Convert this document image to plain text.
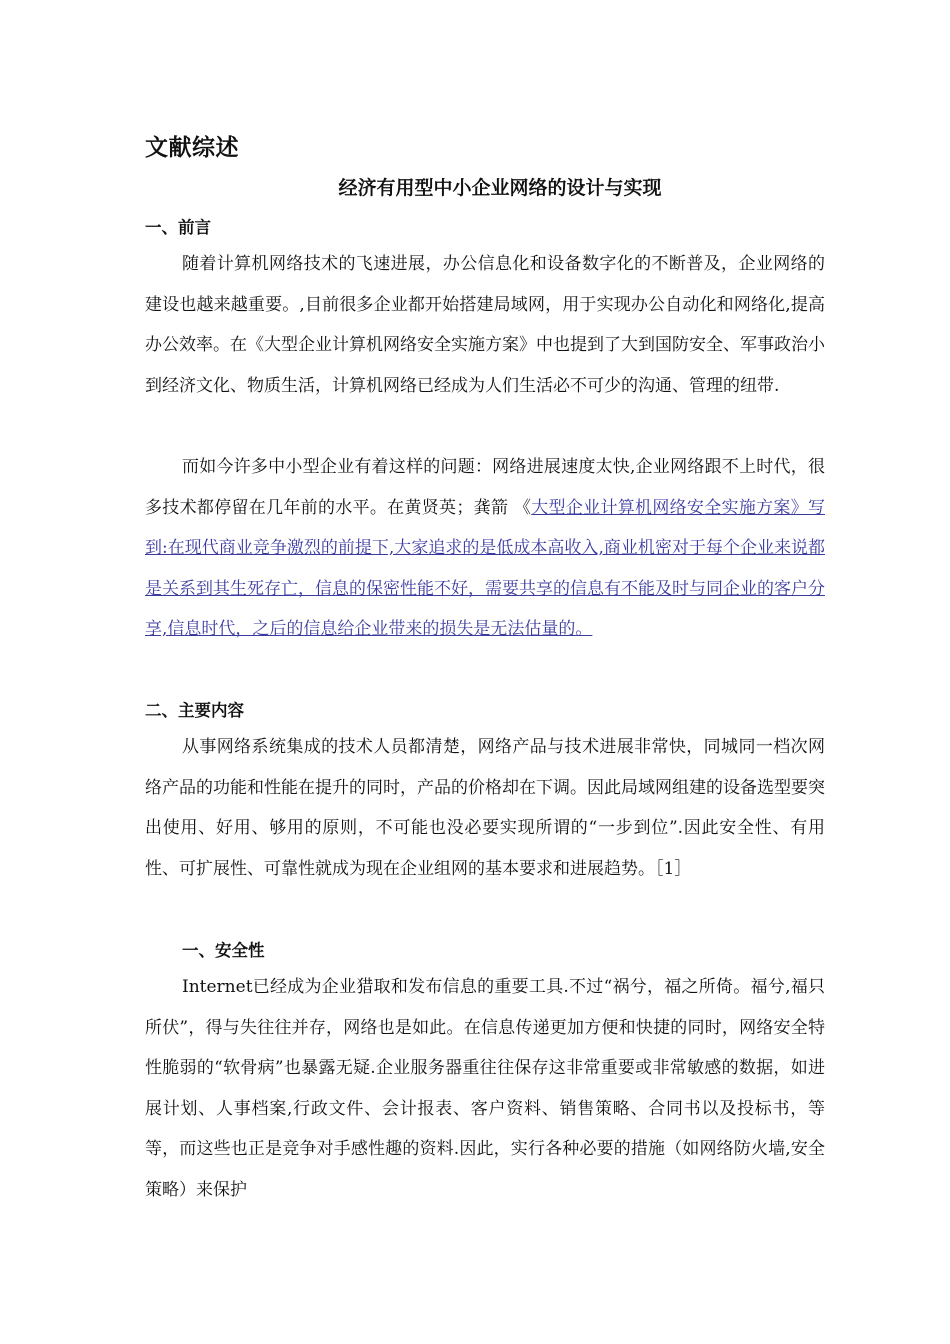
文献综述
经济有用型中小企业网络的设计与实现
一、前言

随着计算机网络技术的飞速进展，办公信息化和设备数字化的不断普及，企业网络的建设也越来越重要。,目前很多企业都开始搭建局域网，用于实现办公自动化和网络化,提高办公效率。在《大型企业计算机网络安全实施方案》中也提到了大到国防安全、军事政治小到经济文化、物质生活，计算机网络已经成为人们生活必不可少的沟通、管理的纽带.

而如今许多中小型企业有着这样的问题：网络进展速度太快,企业网络跟不上时代，很多技术都停留在几年前的水平。在黄贤英；龚箭 《大型企业计算机网络安全实施方案》写到:在现代商业竞争激烈的前提下,大家追求的是低成本高收入,商业机密对于每个企业来说都是关系到其生死存亡，信息的保密性能不好，需要共享的信息有不能及时与同企业的客户分享,信息时代，之后的信息给企业带来的损失是无法估量的。

二、主要内容

从事网络系统集成的技术人员都清楚，网络产品与技术进展非常快，同城同一档次网络产品的功能和性能在提升的同时，产品的价格却在下调。因此局域网组建的设备选型要突出使用、好用、够用的原则，不可能也没必要实现所谓的“一步到位”.因此安全性、有用性、可扩展性、可靠性就成为现在企业组网的基本要求和进展趋势。［1］

一、安全性

Internet已经成为企业猎取和发布信息的重要工具.不过“祸兮，福之所倚。福兮,福只所伏”，得与失往往并存，网络也是如此。在信息传递更加方便和快捷的同时，网络安全特性脆弱的“软骨病”也暴露无疑.企业服务器重往往保存这非常重要或非常敏感的数据，如进展计划、人事档案,行政文件、会计报表、客户资料、销售策略、合同书以及投标书，等等，而这些也正是竞争对手感性趣的资料.因此，实行各种必要的措施（如网络防火墙,安全策略）来保护
